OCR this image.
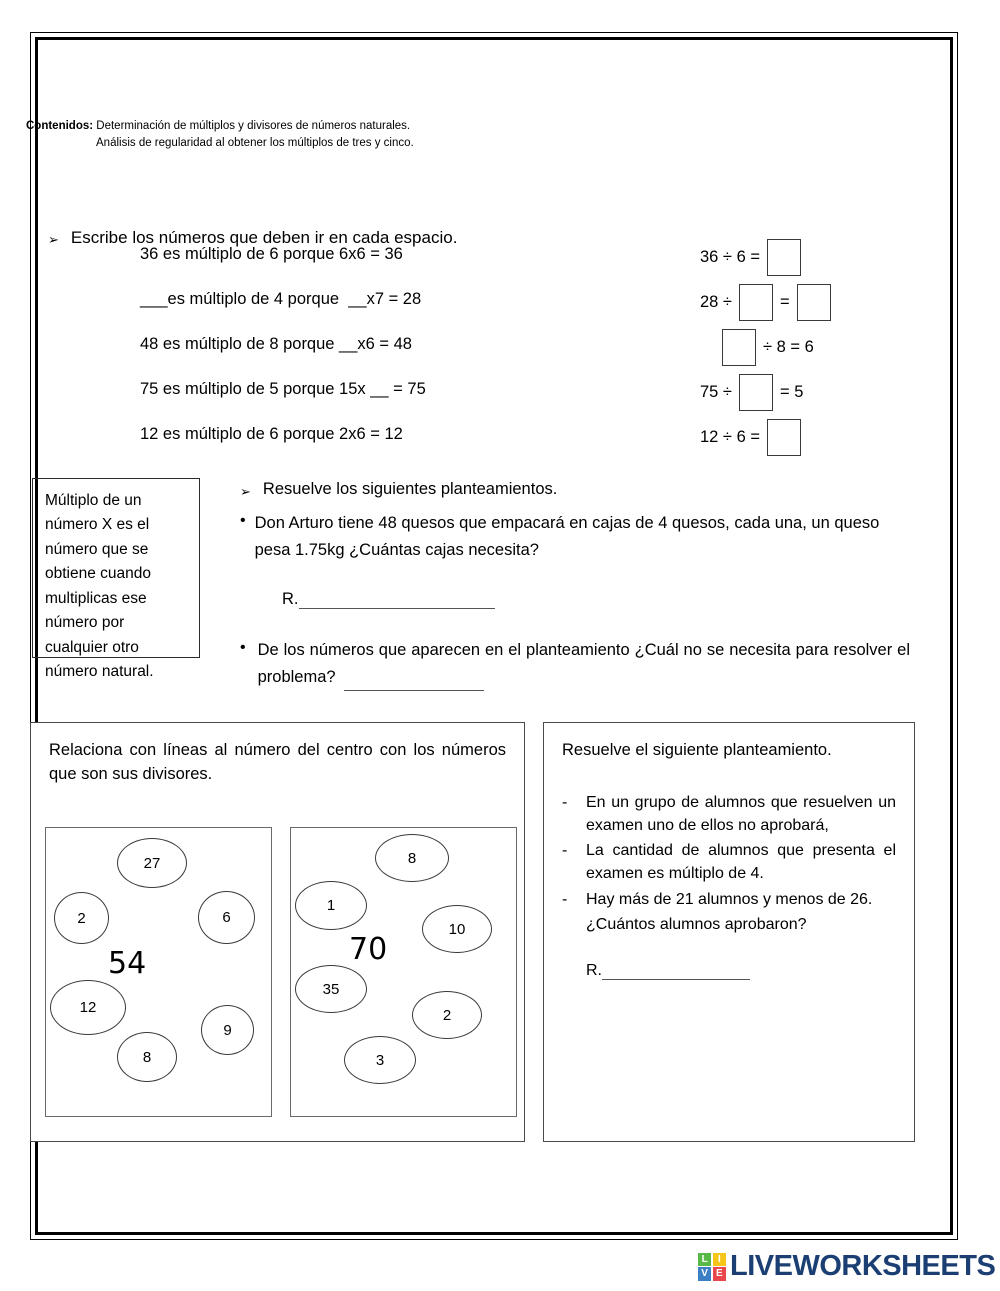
Contenidos: Determinación de múltiplos y divisores de números naturales.
Análisis de regularidad al obtener los múltiplos de tres y cinco.
➢ Escribe los números que deben ir en cada espacio.
36 es múltiplo de 6 porque 6x6 = 36
___es múltiplo de 4 porque  __x7 = 28
48 es múltiplo de 8 porque __x6 = 48
75 es múltiplo de 5 porque 15x __ = 75
12 es múltiplo de 6 porque 2x6 = 12
36 ÷ 6 =
28 ÷	=
÷ 8 = 6
75 ÷	= 5
12 ÷ 6 =
Múltiplo de un número X es el número que se obtiene cuando multiplicas ese número por cualquier otro número natural.
➢ Resuelve los siguientes planteamientos.
• Don Arturo tiene 48 quesos que empacará en cajas de 4 quesos, cada una, un queso pesa 1.75kg ¿Cuántas cajas necesita?
R.
• De los números que aparecen en el planteamiento ¿Cuál no se necesita para resolver el problema?
Relaciona con líneas al número del centro con los números que son sus divisores.
54
27
2	6
12
9
8
70
8
1
10
35
2
3
Resuelve el siguiente planteamiento.
- En un grupo de alumnos que resuelven un examen uno de ellos no aprobará,
- La cantidad de alumnos que presenta el examen es múltiplo de 4.
- Hay más de 21 alumnos y menos de 26.
¿Cuántos alumnos aprobaron?
R.
L	I
V E LIVEWORKSHEETS
